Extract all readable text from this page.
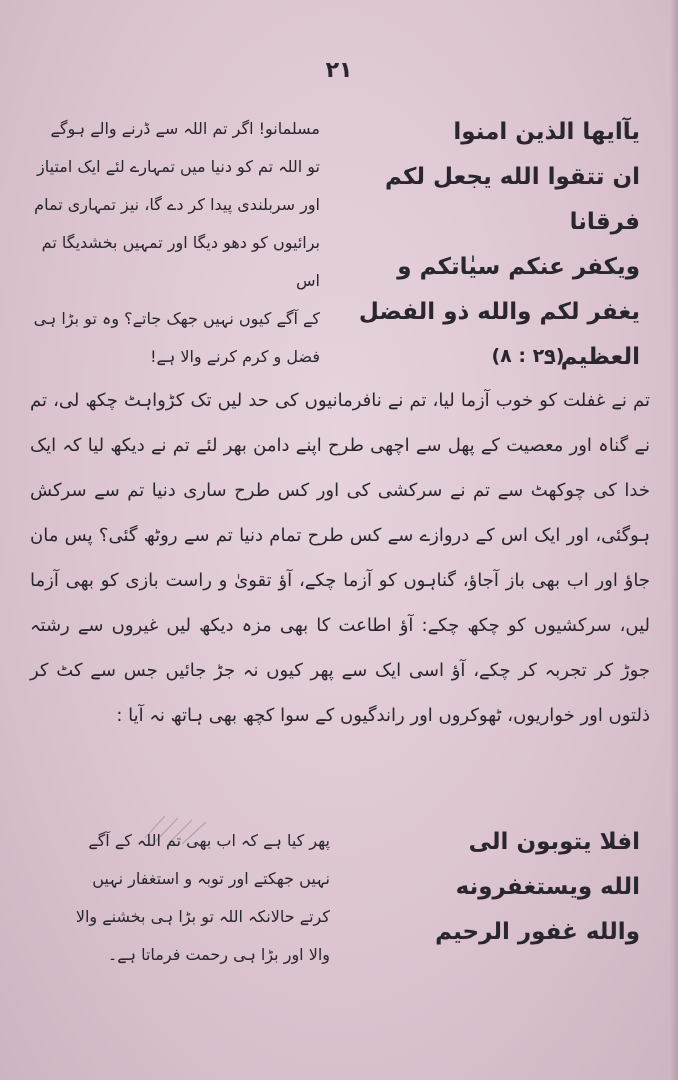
۲۱
يآايها الذين امنوا
ان تتقوا الله يجعل لكم فرقانا
ويكفر عنكم سيٰاتكم و
يغفر لكم والله ذو الفضل
العظيم ـ
مسلمانو! اگر تم اللہ سے ڈرنے والے ہوگے
تو اللہ تم کو دنیا میں تمہارے لئے ایک امتیاز
اور سربلندی پیدا کر دے گا، نیز تمہاری تمام
برائیوں کو دھو دیگا اور تمہیں بخشدیگا تم اس
کے آگے کیوں نہیں جھک جاتے؟ وہ تو بڑا ہی
فضل و کرم کرنے والا ہے!	(۸ : ۲۹)
تم نے غفلت کو خوب آزما لیا، تم نے نافرمانیوں کی حد لیں تک کڑواہٹ چکھ لی، تم نے گناہ اور معصیت کے پھل سے اچھی طرح اپنے دامن بھر لئے تم نے دیکھ لیا کہ ایک خدا کی چوکھٹ سے تم نے سرکشی کی اور کس طرح ساری دنیا تم سے سرکش ہوگئی، اور ایک اس کے دروازے سے کس طرح تمام دنیا تم سے روٹھ گئی؟ پس مان جاؤ اور اب بھی باز آجاؤ، گناہوں کو آزما چکے، آؤ تقویٰ و راست بازی کو بھی آزما لیں، سرکشیوں کو چکھ چکے: آؤ اطاعت کا بھی مزہ دیکھ لیں غیروں سے رشتہ جوڑ کر تجربہ کر چکے، آؤ اسی ایک سے پھر کیوں نہ جڑ جائیں جس سے کٹ کر ذلتوں اور خواریوں، ٹھوکروں اور راندگیوں کے سوا کچھ بھی ہاتھ نہ آیا :
افلا يتوبون الى
الله ويستغفرونه
والله غفور الرحيم
پھر کیا ہے کہ اب بھی تم اللہ کے آگے
نہیں جھکتے اور توبہ و استغفار نہیں
کرتے حالانکہ اللہ تو بڑا ہی بخشنے والا
والا اور بڑا ہی رحمت فرماتا ہے۔
